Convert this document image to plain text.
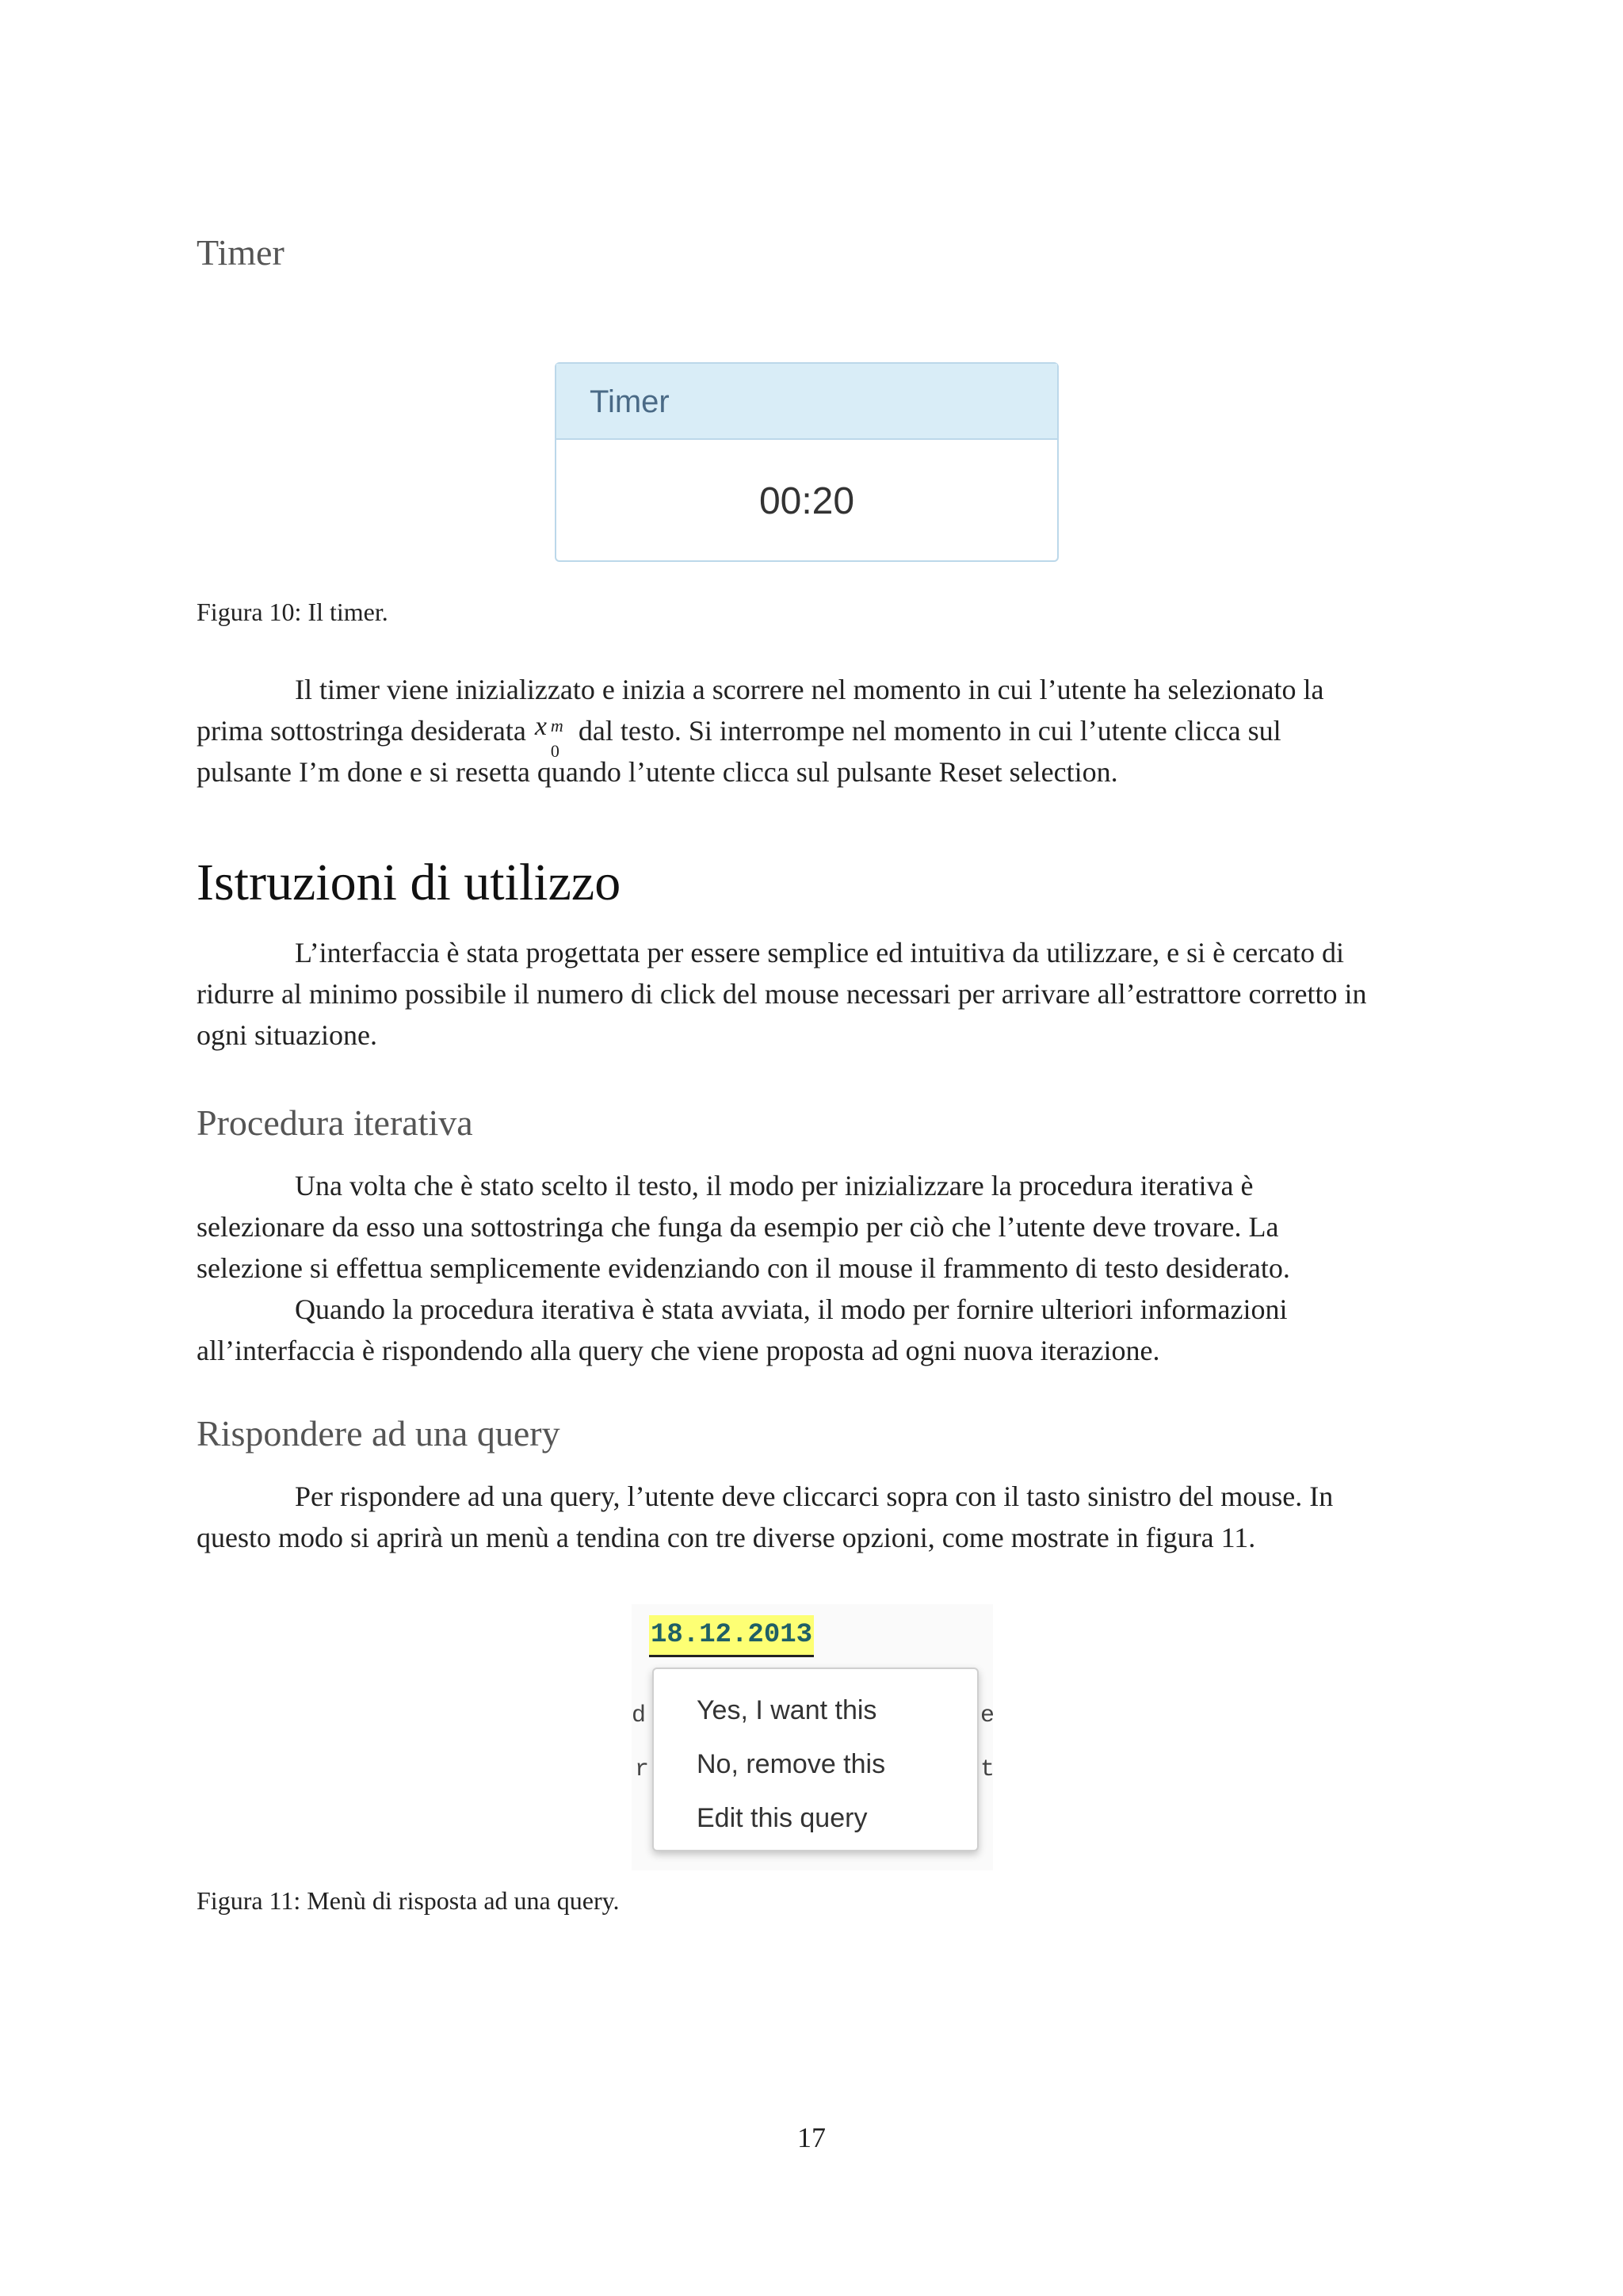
Timer
Timer
00:20
Figura 10: Il timer.
Il timer viene inizializzato e inizia a scorrere nel momento in cui l’utente ha selezionato la
prima sottostringa desiderata x m
0
dal testo. Si interrompe nel momento in cui l’utente clicca sul
pulsante I’m done e si resetta quando l’utente clicca sul pulsante Reset selection.
Istruzioni di utilizzo
L’interfaccia è stata progettata per essere semplice ed intuitiva da utilizzare, e si è cercato di
ridurre al minimo possibile il numero di click del mouse necessari per arrivare all’estrattore corretto in
ogni situazione.
Procedura iterativa
Una volta che è stato scelto il testo, il modo per inizializzare la procedura iterativa è
selezionare da esso una sottostringa che funga da esempio per ciò che l’utente deve trovare. La
selezione si effettua semplicemente evidenziando con il mouse il frammento di testo desiderato.
Quando la procedura iterativa è stata avviata, il modo per fornire ulteriori informazioni
all’interfaccia è rispondendo alla query che viene proposta ad ogni nuova iterazione.
Rispondere ad una query
Per rispondere ad una query, l’utente deve cliccarci sopra con il tasto sinistro del mouse. In
questo modo si aprirà un menù a tendina con tre diverse opzioni, come mostrate in figura 11.
18.12.2013
d
r
e
t
Yes, I want this
No, remove this
Edit this query
Figura 11: Menù di risposta ad una query.
17
